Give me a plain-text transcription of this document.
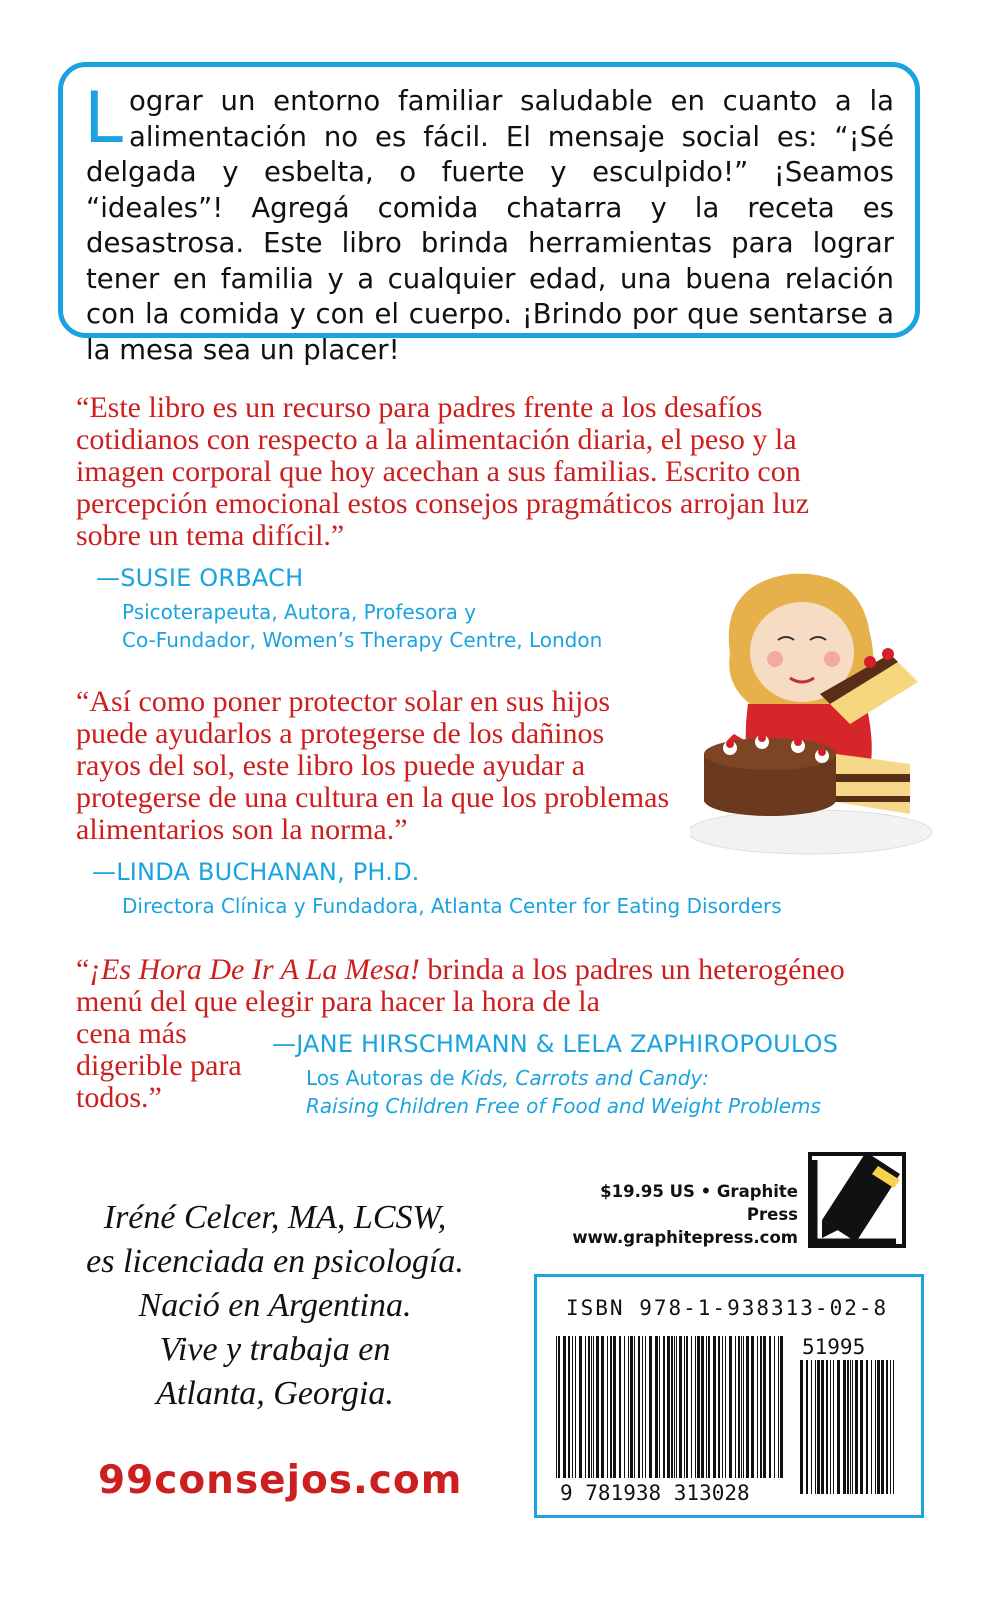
Lograr un entorno familiar saludable en cuanto a la alimentación no es fácil. El mensaje social es: “¡Sé delgada y esbelta, o fuerte y esculpido!” ¡Seamos “ideales”! Agregá comida chatarra y la receta es desastrosa. Este libro brinda herramientas para lograr tener en familia y a cualquier edad, una buena relación con la comida y con el cuerpo. ¡Brindo por que sentarse a la mesa sea un placer!
“Este libro es un recurso para padres frente a los desafíos cotidianos con respecto a la alimentación diaria, el peso y la imagen corporal que hoy acechan a sus familias. Escrito con percepción emocional estos consejos pragmáticos arrojan luz sobre un tema difícil.”
—SUSIE ORBACH
Psicoterapeuta, Autora, Profesora y
Co-Fundador, Women’s Therapy Centre, London
“Así como poner protector solar en sus hijos puede ayudarlos a protegerse de los dañinos rayos del sol, este libro los puede ayudar a protegerse de una cultura en la que los problemas alimentarios son la norma.”
—LINDA BUCHANAN, PH.D.
Directora Clínica y Fundadora, Atlanta Center for Eating Disorders
“¡Es Hora De Ir A La Mesa! brinda a los padres un heterogéneo menú del que elegir para hacer la hora de la
cena más digerible para todos.”
—JANE HIRSCHMANN & LELA ZAPHIROPOULOS
Los Autoras de Kids, Carrots and Candy:
Raising Children Free of Food and Weight Problems
$19.95 US • Graphite Press
www.graphitepress.com
Iréné Celcer, MA, LCSW,
es licenciada en psicología.
Nació en Argentina.
Vive y trabaja en
Atlanta, Georgia.
99consejos.com
ISBN 978-1-938313-02-8
9 781938 313028
51995
